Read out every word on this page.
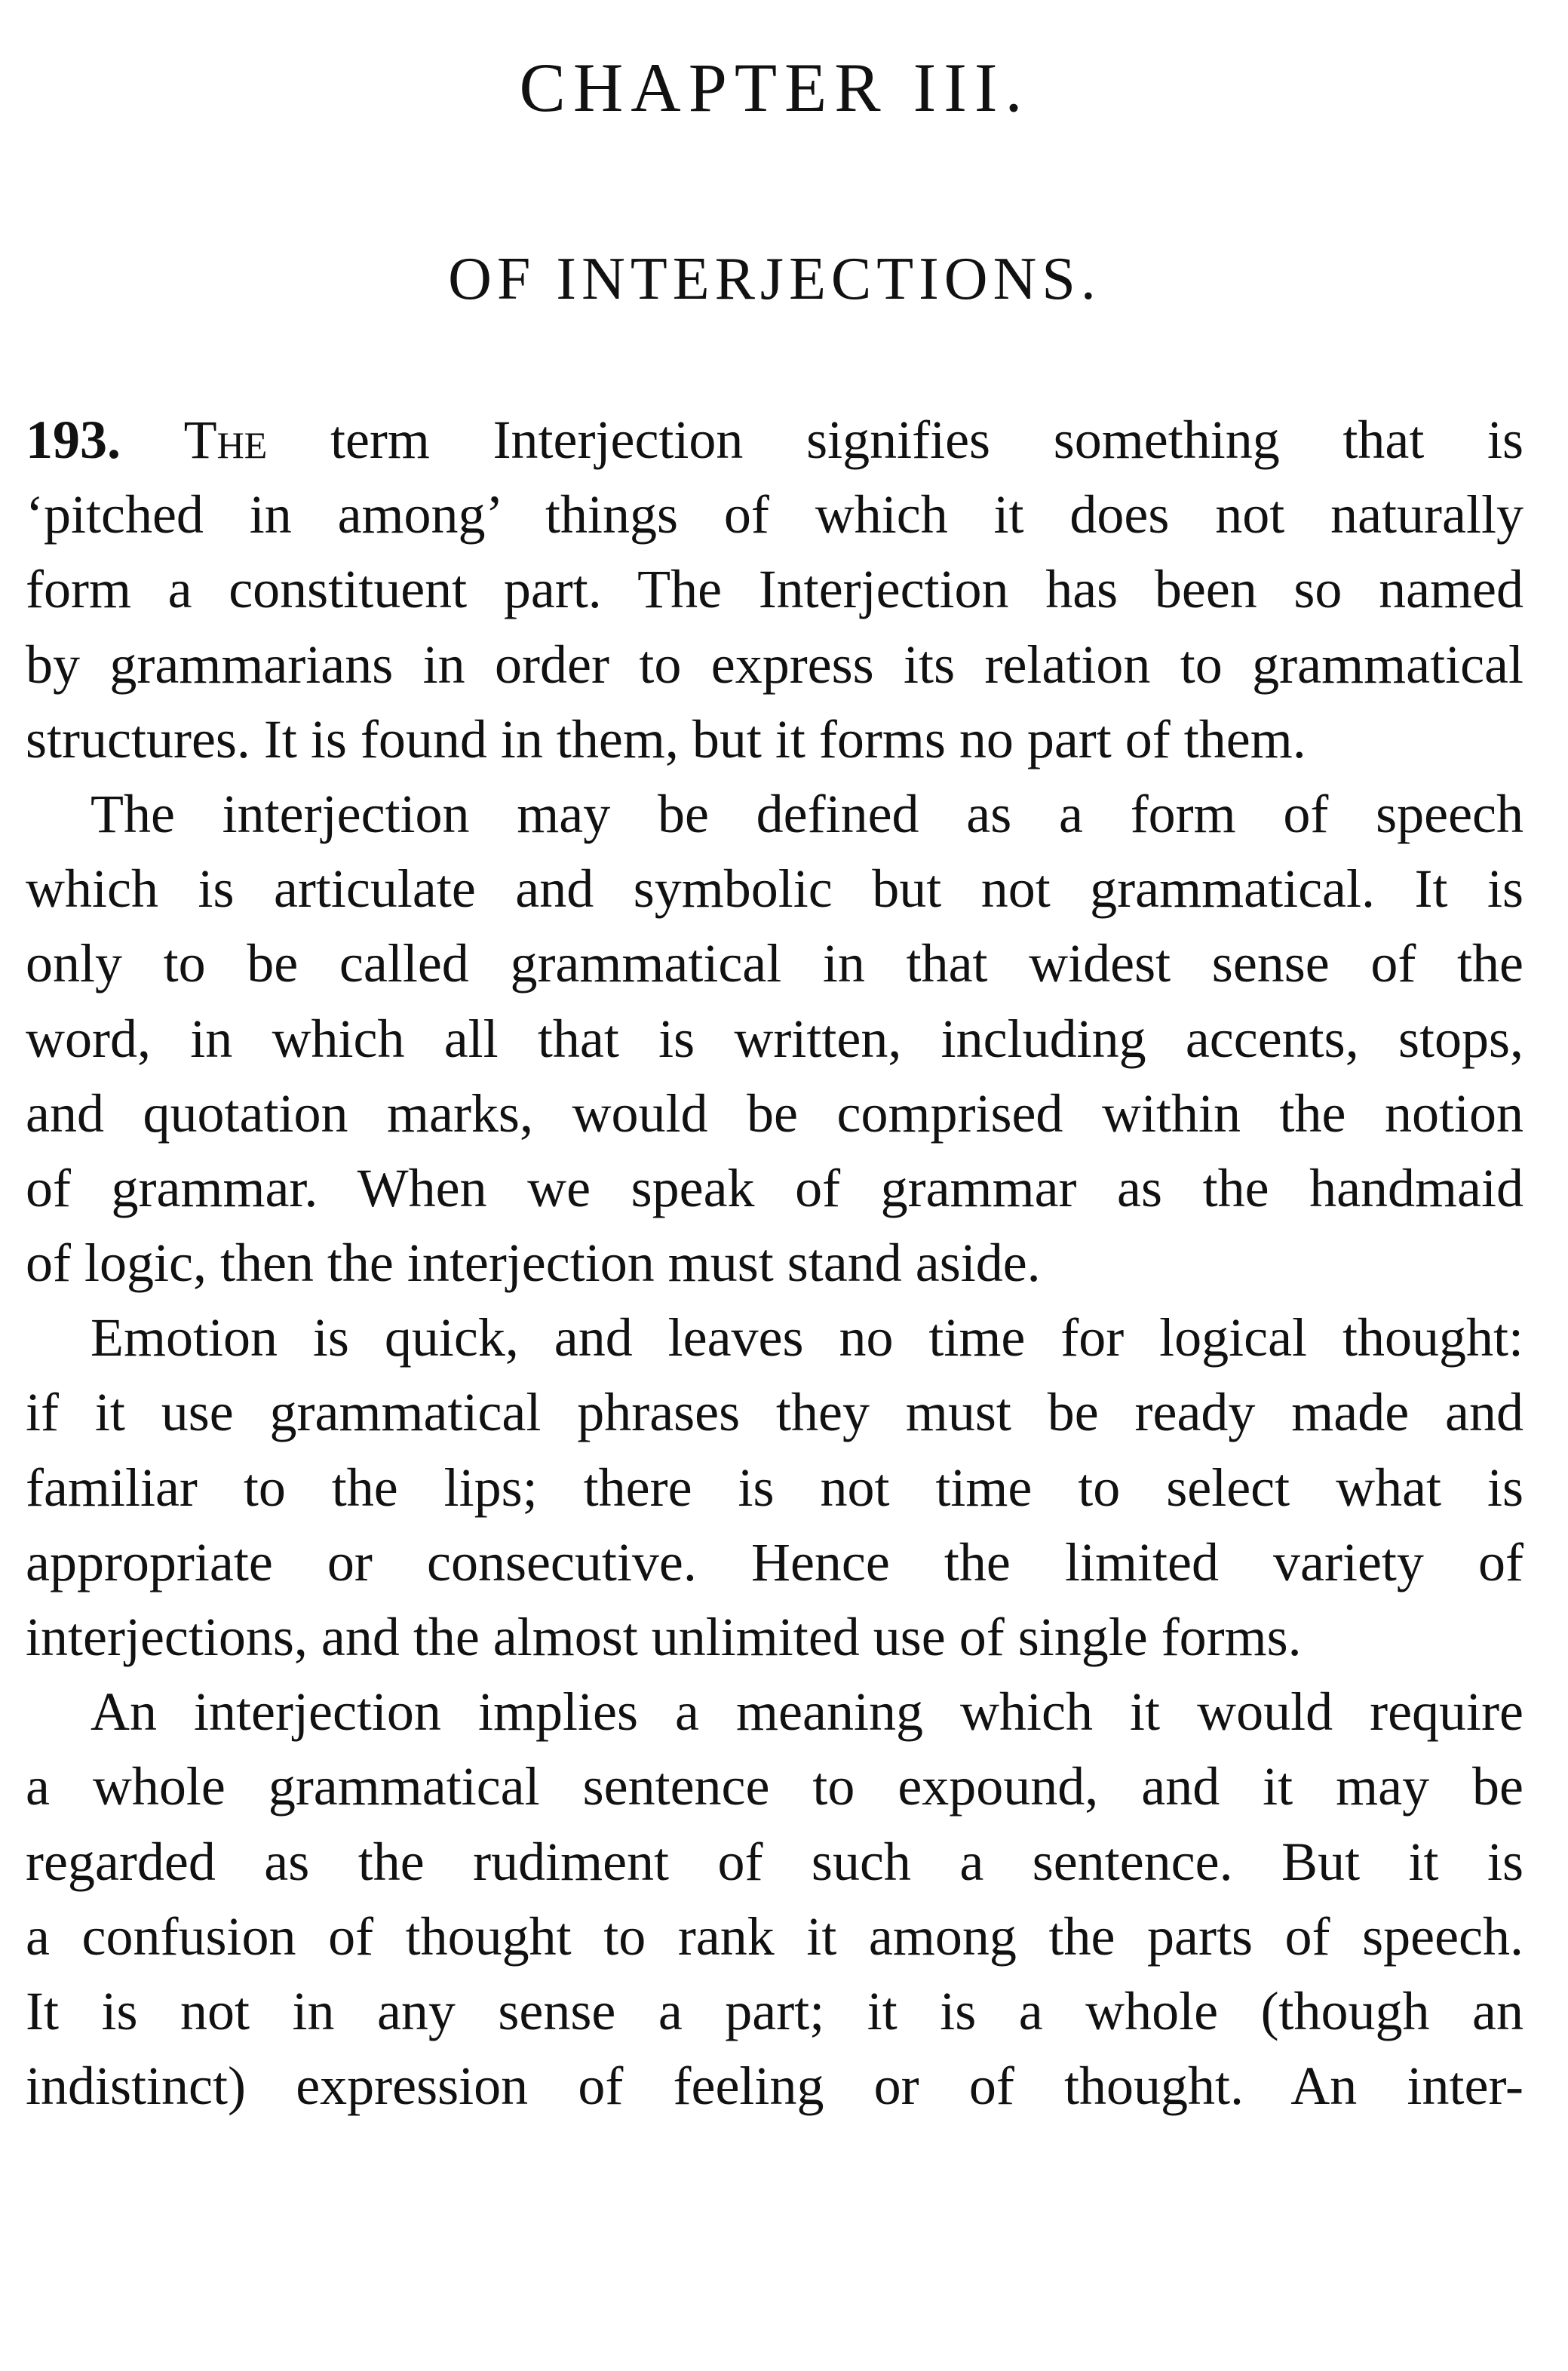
CHAPTER III.
OF INTERJECTIONS.
193. The term Interjection signifies something that is
‘pitched in among’ things of which it does not naturally
form a constituent part. The Interjection has been so named
by grammarians in order to express its relation to grammatical
structures. It is found in them, but it forms no part of them.
The interjection may be defined as a form of speech
which is articulate and symbolic but not grammatical. It is
only to be called grammatical in that widest sense of the
word, in which all that is written, including accents, stops,
and quotation marks, would be comprised within the notion
of grammar. When we speak of grammar as the handmaid
of logic, then the interjection must stand aside.
Emotion is quick, and leaves no time for logical thought:
if it use grammatical phrases they must be ready made and
familiar to the lips; there is not time to select what is
appropriate or consecutive. Hence the limited variety of
interjections, and the almost unlimited use of single forms.
An interjection implies a meaning which it would require
a whole grammatical sentence to expound, and it may be
regarded as the rudiment of such a sentence. But it is
a confusion of thought to rank it among the parts of speech.
It is not in any sense a part; it is a whole (though an
indistinct) expression of feeling or of thought. An inter-
